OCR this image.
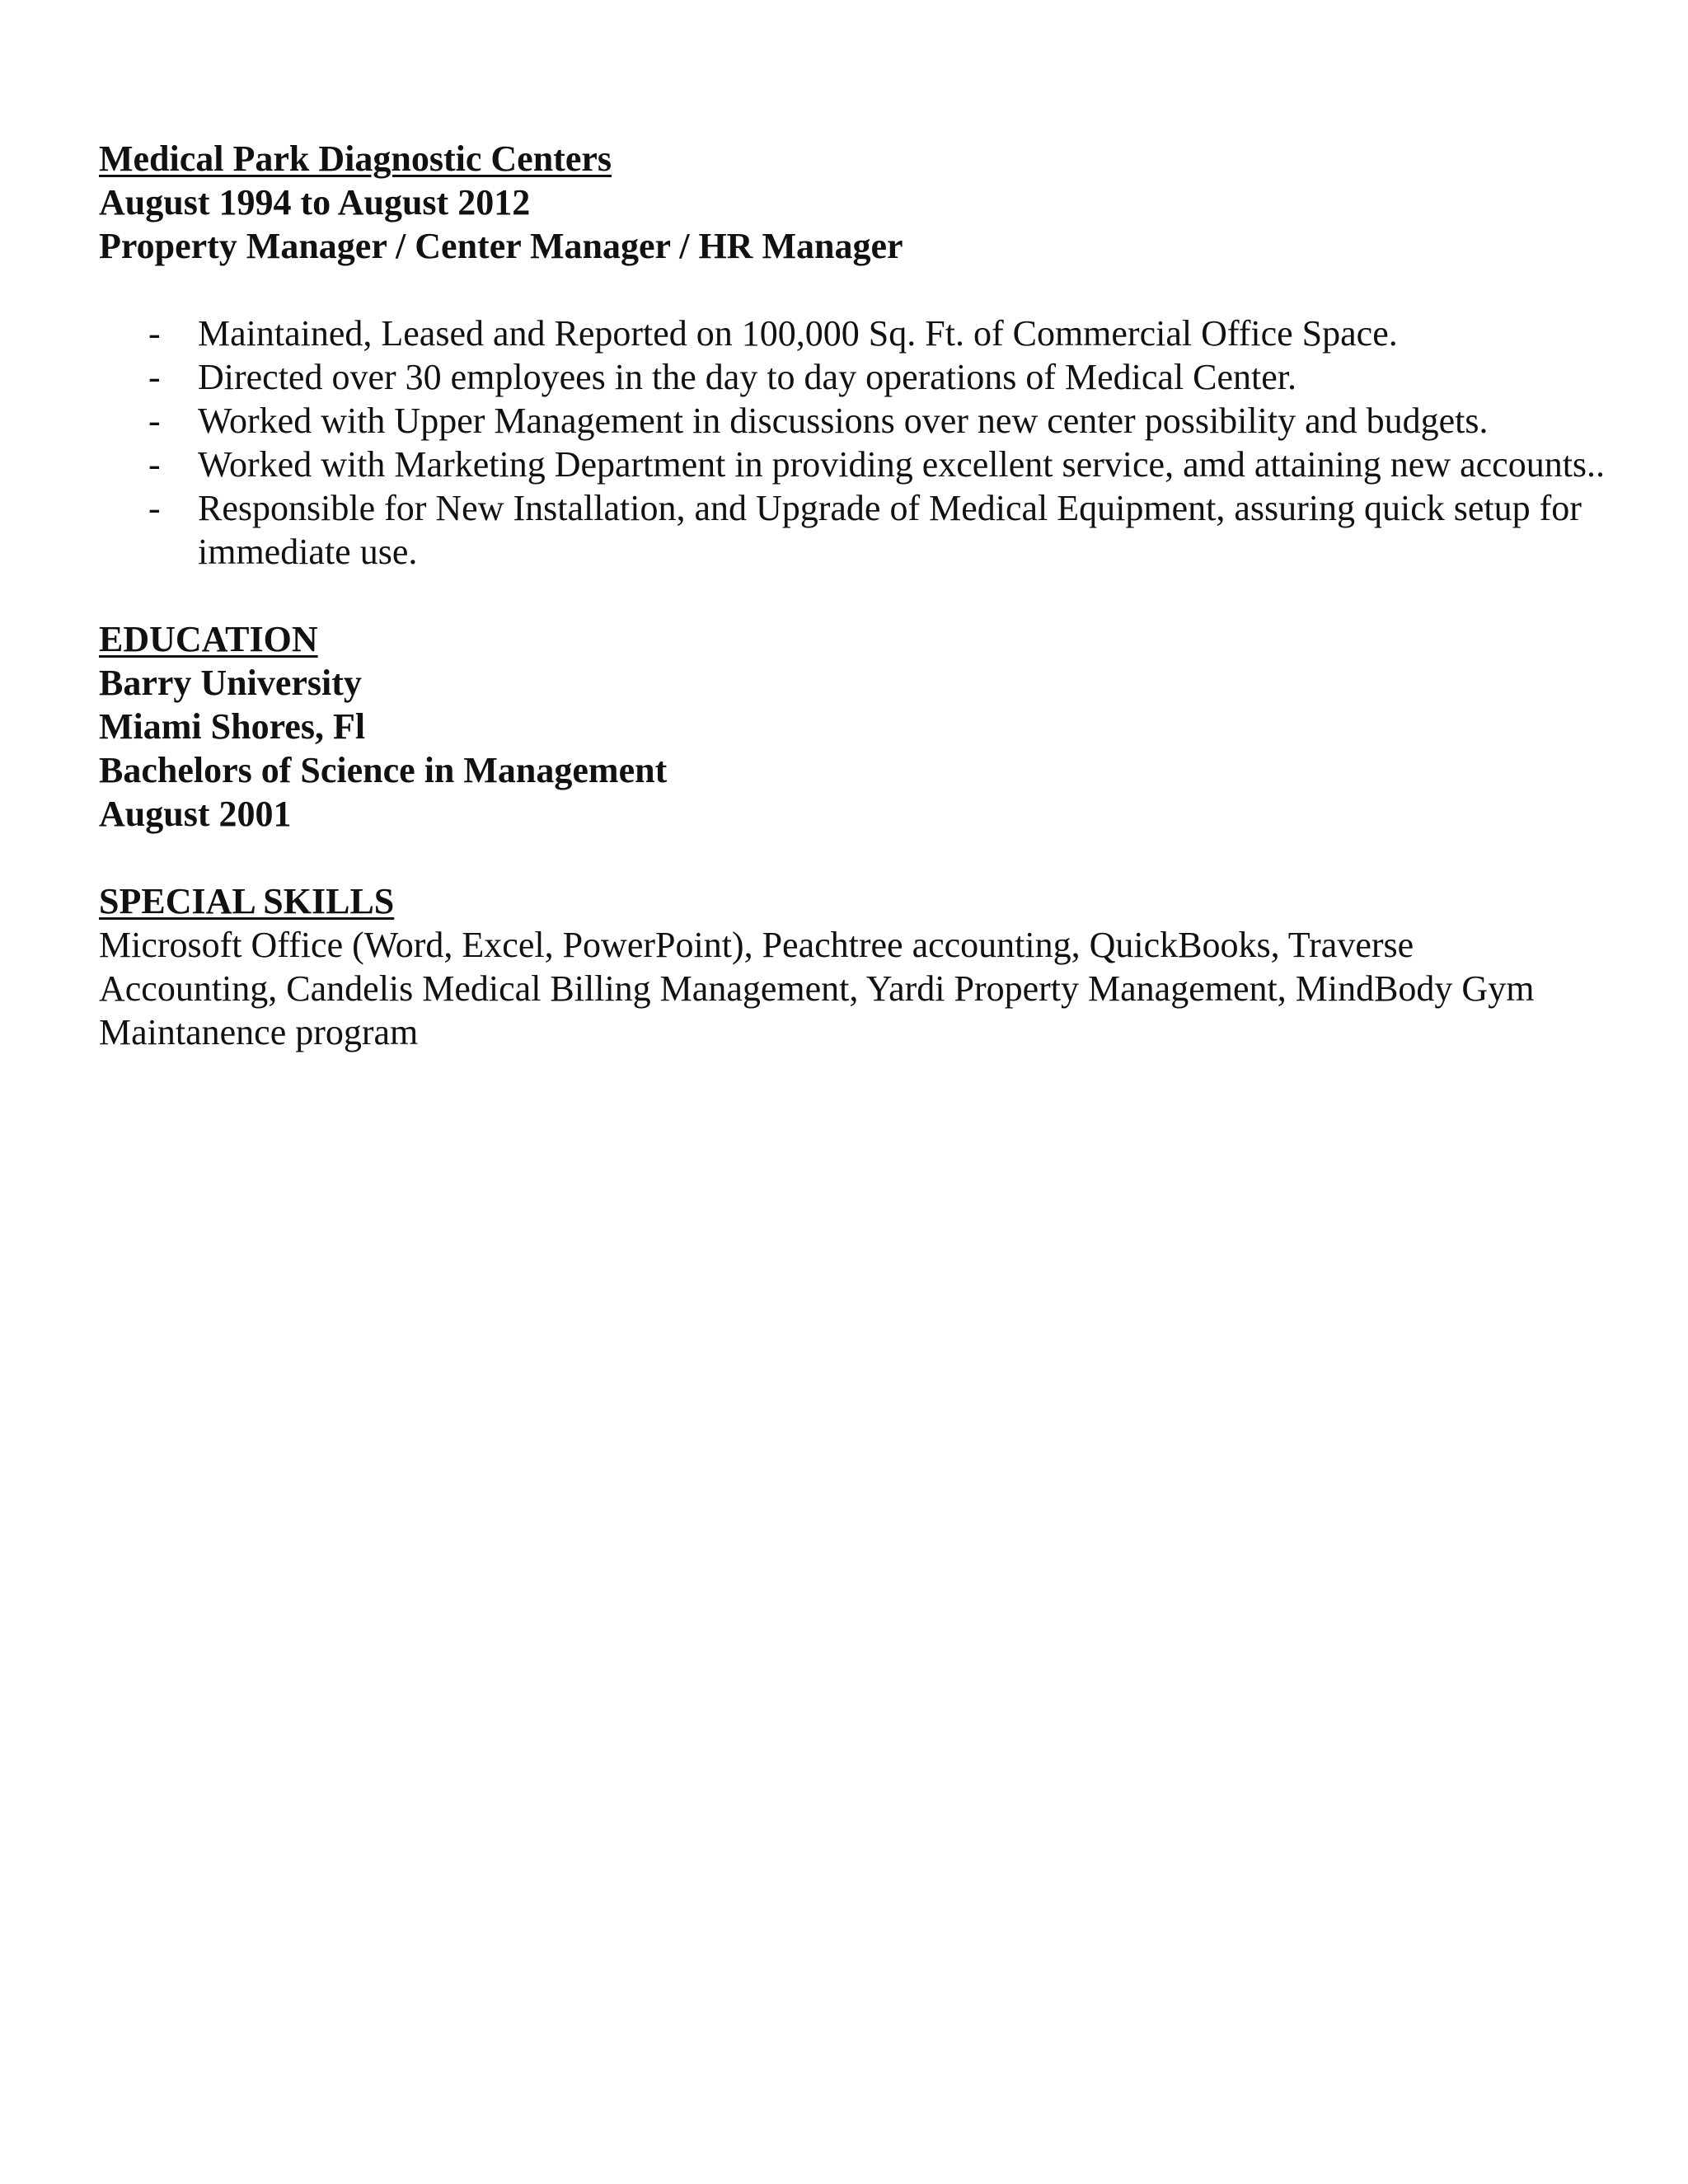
Medical Park Diagnostic Centers
August 1994 to August 2012
Property Manager / Center Manager / HR Manager
- Maintained, Leased and Reported on 100,000 Sq. Ft. of Commercial Office Space.
- Directed over 30 employees in the day to day operations of Medical Center.
- Worked with Upper Management in discussions over new center possibility and budgets.
- Worked with Marketing Department in providing excellent service, amd attaining new accounts..
- Responsible for New Installation, and Upgrade of Medical Equipment, assuring quick setup for immediate use.
EDUCATION
Barry University
Miami Shores, Fl
Bachelors of Science in Management
August 2001
SPECIAL SKILLS
Microsoft Office (Word, Excel, PowerPoint), Peachtree accounting, QuickBooks, Traverse Accounting, Candelis Medical Billing Management, Yardi Property Management, MindBody Gym Maintanence program
